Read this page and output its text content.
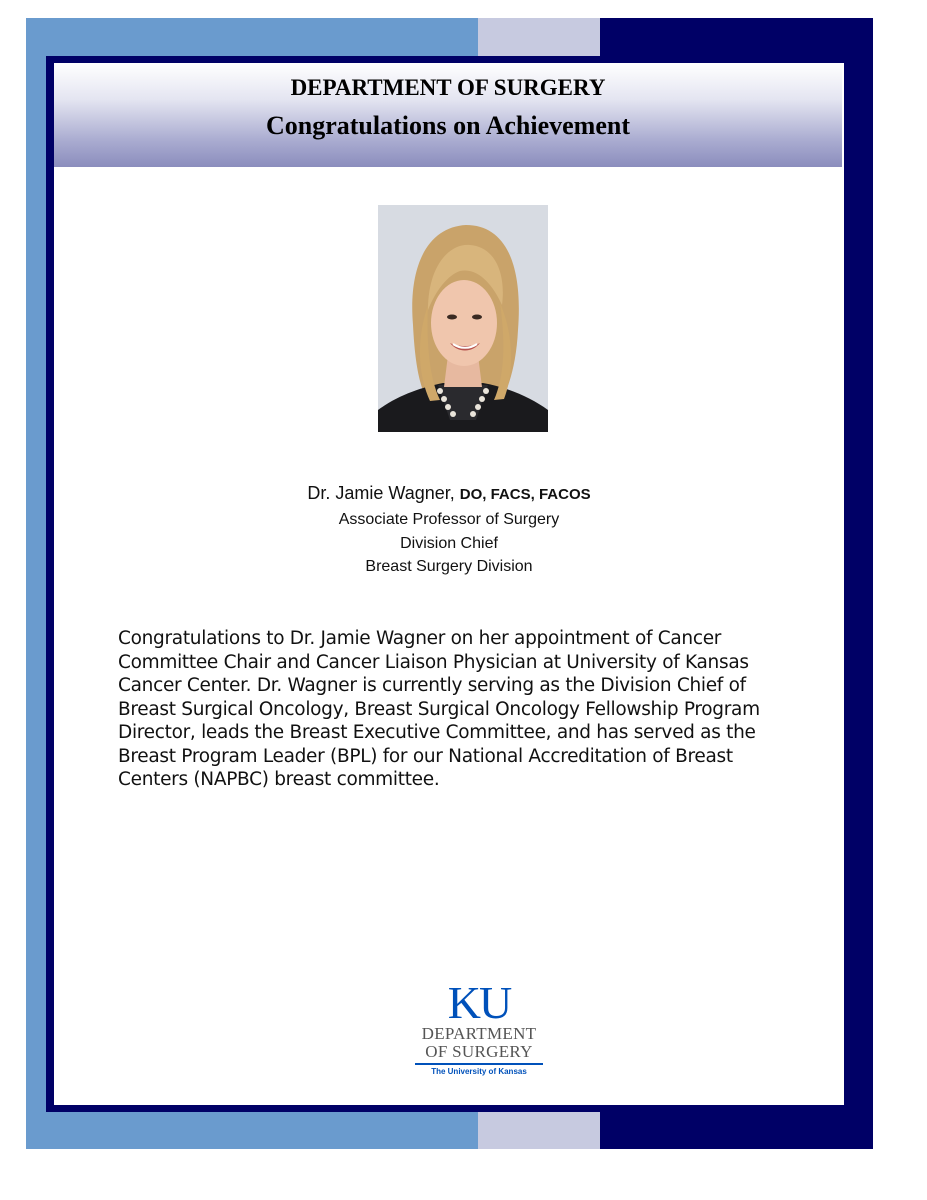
DEPARTMENT OF SURGERY
Congratulations on Achievement
Dr. Jamie Wagner, DO, FACS, FACOS
Associate Professor of Surgery
Division Chief
Breast Surgery Division
Congratulations to Dr. Jamie Wagner on her appointment of Cancer Committee Chair and Cancer Liaison Physician at University of Kansas Cancer Center. Dr. Wagner is currently serving as the Division Chief of Breast Surgical Oncology, Breast Surgical Oncology Fellowship Program Director, leads the Breast Executive Committee, and has served as the Breast Program Leader (BPL) for our National Accreditation of Breast Centers (NAPBC) breast committee.
KU
DEPARTMENT
OF SURGERY
The University of Kansas
